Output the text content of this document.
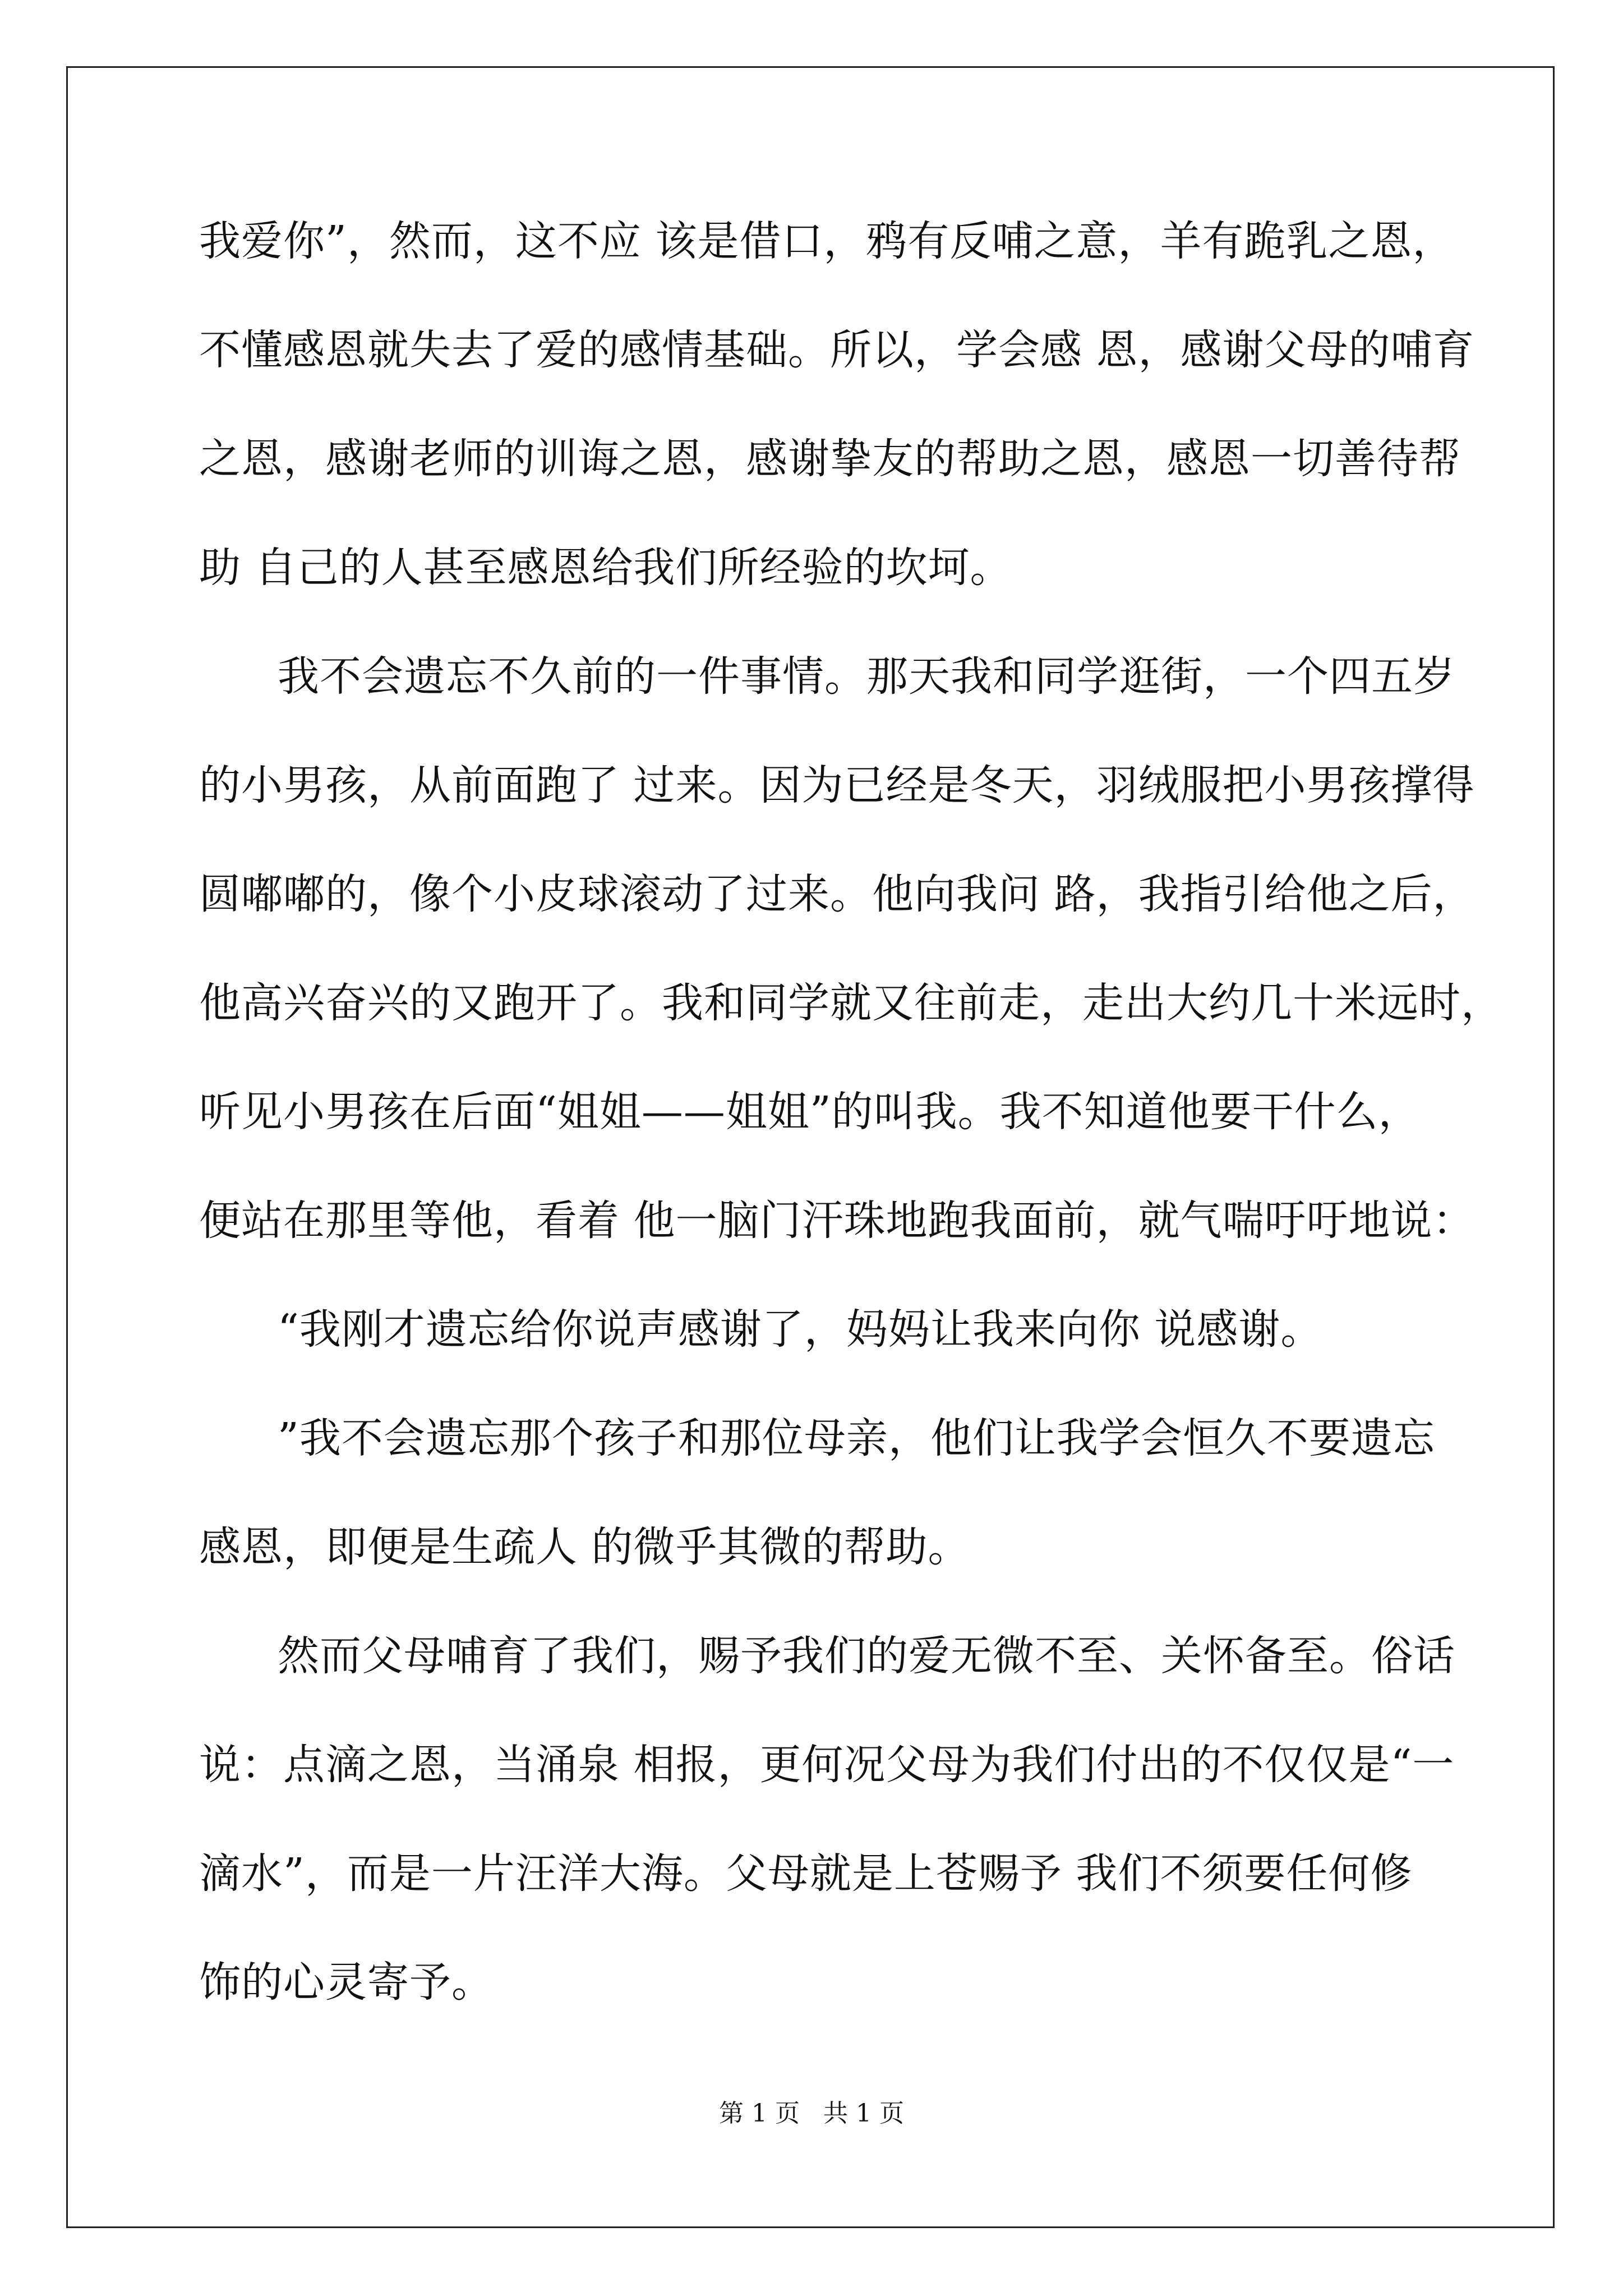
我爱你”，然而，这不应 该是借口，鸦有反哺之意，羊有跪乳之恩，
不懂感恩就失去了爱的感情基础。所以，学会感 恩，感谢父母的哺育
之恩，感谢老师的训诲之恩，感谢挚友的帮助之恩，感恩一切善待帮
助 自己的人甚至感恩给我们所经验的坎坷。
我不会遗忘不久前的一件事情。那天我和同学逛街，一个四五岁
的小男孩，从前面跑了 过来。因为已经是冬天，羽绒服把小男孩撑得
圆嘟嘟的，像个小皮球滚动了过来。他向我问 路，我指引给他之后，
他高兴奋兴的又跑开了。我和同学就又往前走，走出大约几十米远时，
听见小男孩在后面“姐姐——姐姐”的叫我。我不知道他要干什么，
便站在那里等他，看着 他一脑门汗珠地跑我面前，就气喘吁吁地说：
“我刚才遗忘给你说声感谢了，妈妈让我来向你 说感谢。
”我不会遗忘那个孩子和那位母亲，他们让我学会恒久不要遗忘
感恩，即便是生疏人 的微乎其微的帮助。
然而父母哺育了我们，赐予我们的爱无微不至、关怀备至。俗话
说：点滴之恩，当涌泉 相报，更何况父母为我们付出的不仅仅是“一
滴水”，而是一片汪洋大海。父母就是上苍赐予 我们不须要任何修
饰的心灵寄予。
第 1 页   共 1 页
